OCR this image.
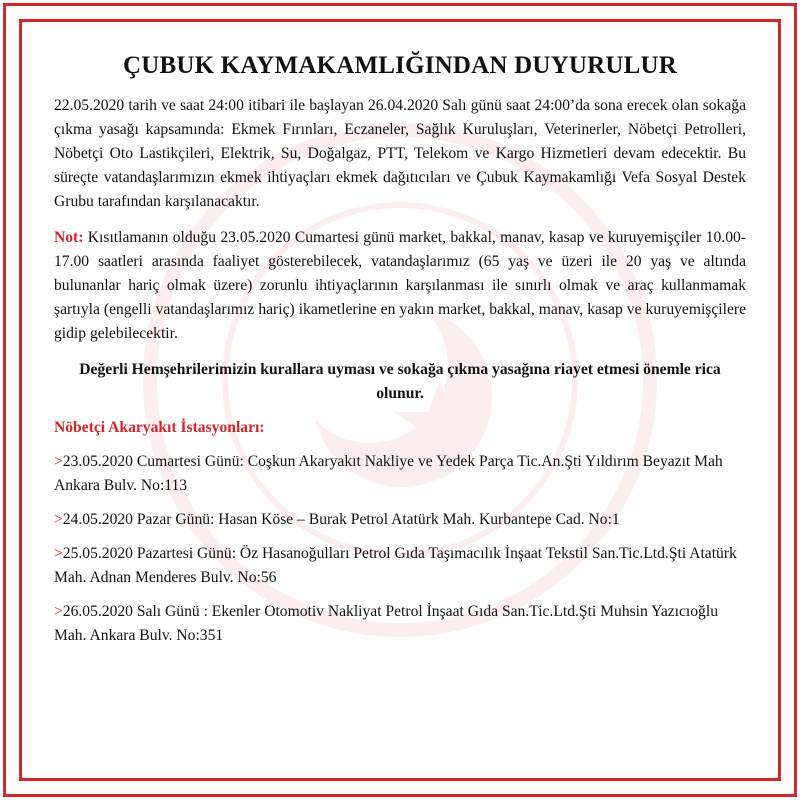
ÇUBUK KAYMAKAMLIĞINDAN DUYURULUR

22.05.2020 tarih ve saat 24:00 itibari ile başlayan 26.04.2020 Salı günü saat 24:00’da sona erecek olan sokağa çıkma yasağı kapsamında: Ekmek Fırınları, Eczaneler, Sağlık Kuruluşları, Veterinerler, Nöbetçi Petrolleri, Nöbetçi Oto Lastikçileri, Elektrik, Su, Doğalgaz, PTT, Telekom ve Kargo Hizmetleri devam edecektir. Bu süreçte vatandaşlarımızın ekmek ihtiyaçları ekmek dağıtıcıları ve Çubuk Kaymakamlığı Vefa Sosyal Destek Grubu tarafından karşılanacaktır.

Not: Kısıtlamanın olduğu 23.05.2020 Cumartesi günü market, bakkal, manav, kasap ve kuruyemişçiler 10.00-17.00 saatleri arasında faaliyet gösterebilecek, vatandaşlarımız (65 yaş ve üzeri ile 20 yaş ve altında bulunanlar hariç olmak üzere) zorunlu ihtiyaçlarının karşılanması ile sınırlı olmak ve araç kullanmamak şartıyla (engelli vatandaşlarımız hariç) ikametlerine en yakın market, bakkal, manav, kasap ve kuruyemişçilere gidip gelebilecektir.

Değerli Hemşehrilerimizin kurallara uyması ve sokağa çıkma yasağına riayet etmesi önemle rica olunur.

Nöbetçi Akaryakıt İstasyonları:

>23.05.2020 Cumartesi Günü: Coşkun Akaryakıt Nakliye ve Yedek Parça Tic.An.Şti Yıldırım Beyazıt Mah Ankara Bulv. No:113

>24.05.2020 Pazar Günü: Hasan Köse – Burak Petrol Atatürk Mah. Kurbantepe Cad. No:1

>25.05.2020 Pazartesi Günü: Öz Hasanoğulları Petrol Gıda Taşımacılık İnşaat Tekstil San.Tic.Ltd.Şti Atatürk Mah. Adnan Menderes Bulv. No:56

>26.05.2020 Salı Günü : Ekenler Otomotiv Nakliyat Petrol İnşaat Gıda San.Tic.Ltd.Şti Muhsin Yazıcıoğlu Mah. Ankara Bulv. No:351
